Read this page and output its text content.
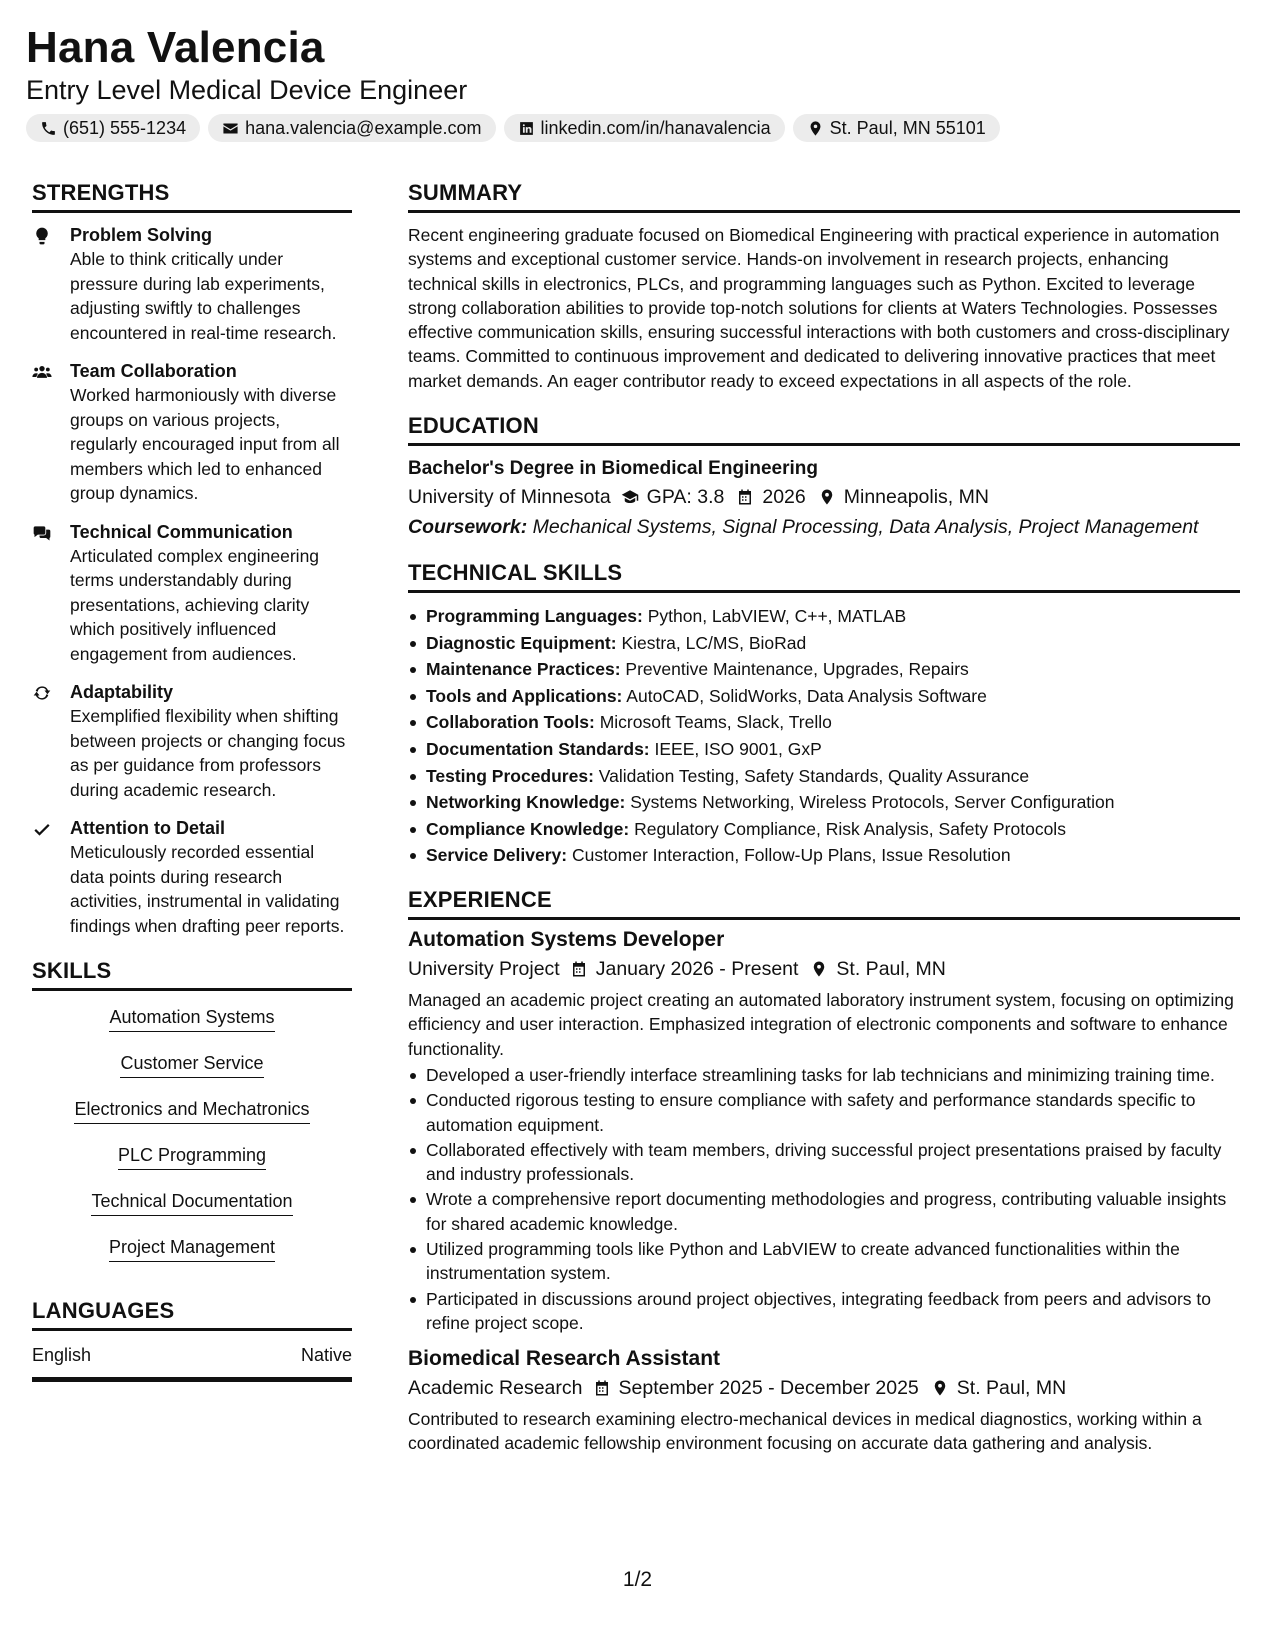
Hana Valencia
Entry Level Medical Device Engineer
(651) 555-1234	hana.valencia@example.com	linkedin.com/in/hanavalencia	St. Paul, MN 55101
STRENGTHS
Problem Solving
Able to think critically under pressure during lab experiments, adjusting swiftly to challenges encountered in real-time research.
Team Collaboration
Worked harmoniously with diverse groups on various projects, regularly encouraged input from all members which led to enhanced group dynamics.
Technical Communication
Articulated complex engineering terms understandably during presentations, achieving clarity which positively influenced engagement from audiences.
Adaptability
Exemplified flexibility when shifting between projects or changing focus as per guidance from professors during academic research.
Attention to Detail
Meticulously recorded essential data points during research activities, instrumental in validating findings when drafting peer reports.
SKILLS
Automation Systems
Customer Service
Electronics and Mechatronics
PLC Programming
Technical Documentation
Project Management
LANGUAGES
English	Native
SUMMARY
Recent engineering graduate focused on Biomedical Engineering with practical experience in automation systems and exceptional customer service. Hands-on involvement in research projects, enhancing technical skills in electronics, PLCs, and programming languages such as Python. Excited to leverage strong collaboration abilities to provide top-notch solutions for clients at Waters Technologies. Possesses effective communication skills, ensuring successful interactions with both customers and cross-disciplinary teams. Committed to continuous improvement and dedicated to delivering innovative practices that meet market demands. An eager contributor ready to exceed expectations in all aspects of the role.
EDUCATION
Bachelor's Degree in Biomedical Engineering
University of Minnesota GPA: 3.8 2026 Minneapolis, MN
Coursework: Mechanical Systems, Signal Processing, Data Analysis, Project Management
TECHNICAL SKILLS
Programming Languages: Python, LabVIEW, C++, MATLAB
Diagnostic Equipment: Kiestra, LC/MS, BioRad
Maintenance Practices: Preventive Maintenance, Upgrades, Repairs
Tools and Applications: AutoCAD, SolidWorks, Data Analysis Software
Collaboration Tools: Microsoft Teams, Slack, Trello
Documentation Standards: IEEE, ISO 9001, GxP
Testing Procedures: Validation Testing, Safety Standards, Quality Assurance
Networking Knowledge: Systems Networking, Wireless Protocols, Server Configuration
Compliance Knowledge: Regulatory Compliance, Risk Analysis, Safety Protocols
Service Delivery: Customer Interaction, Follow-Up Plans, Issue Resolution
EXPERIENCE
Automation Systems Developer
University Project January 2026 - Present St. Paul, MN
Managed an academic project creating an automated laboratory instrument system, focusing on optimizing efficiency and user interaction. Emphasized integration of electronic components and software to enhance functionality.
Developed a user-friendly interface streamlining tasks for lab technicians and minimizing training time.
Conducted rigorous testing to ensure compliance with safety and performance standards specific to automation equipment.
Collaborated effectively with team members, driving successful project presentations praised by faculty and industry professionals.
Wrote a comprehensive report documenting methodologies and progress, contributing valuable insights for shared academic knowledge.
Utilized programming tools like Python and LabVIEW to create advanced functionalities within the instrumentation system.
Participated in discussions around project objectives, integrating feedback from peers and advisors to refine project scope.
Biomedical Research Assistant
Academic Research September 2025 - December 2025 St. Paul, MN
Contributed to research examining electro-mechanical devices in medical diagnostics, working within a coordinated academic fellowship environment focusing on accurate data gathering and analysis.
1/2
